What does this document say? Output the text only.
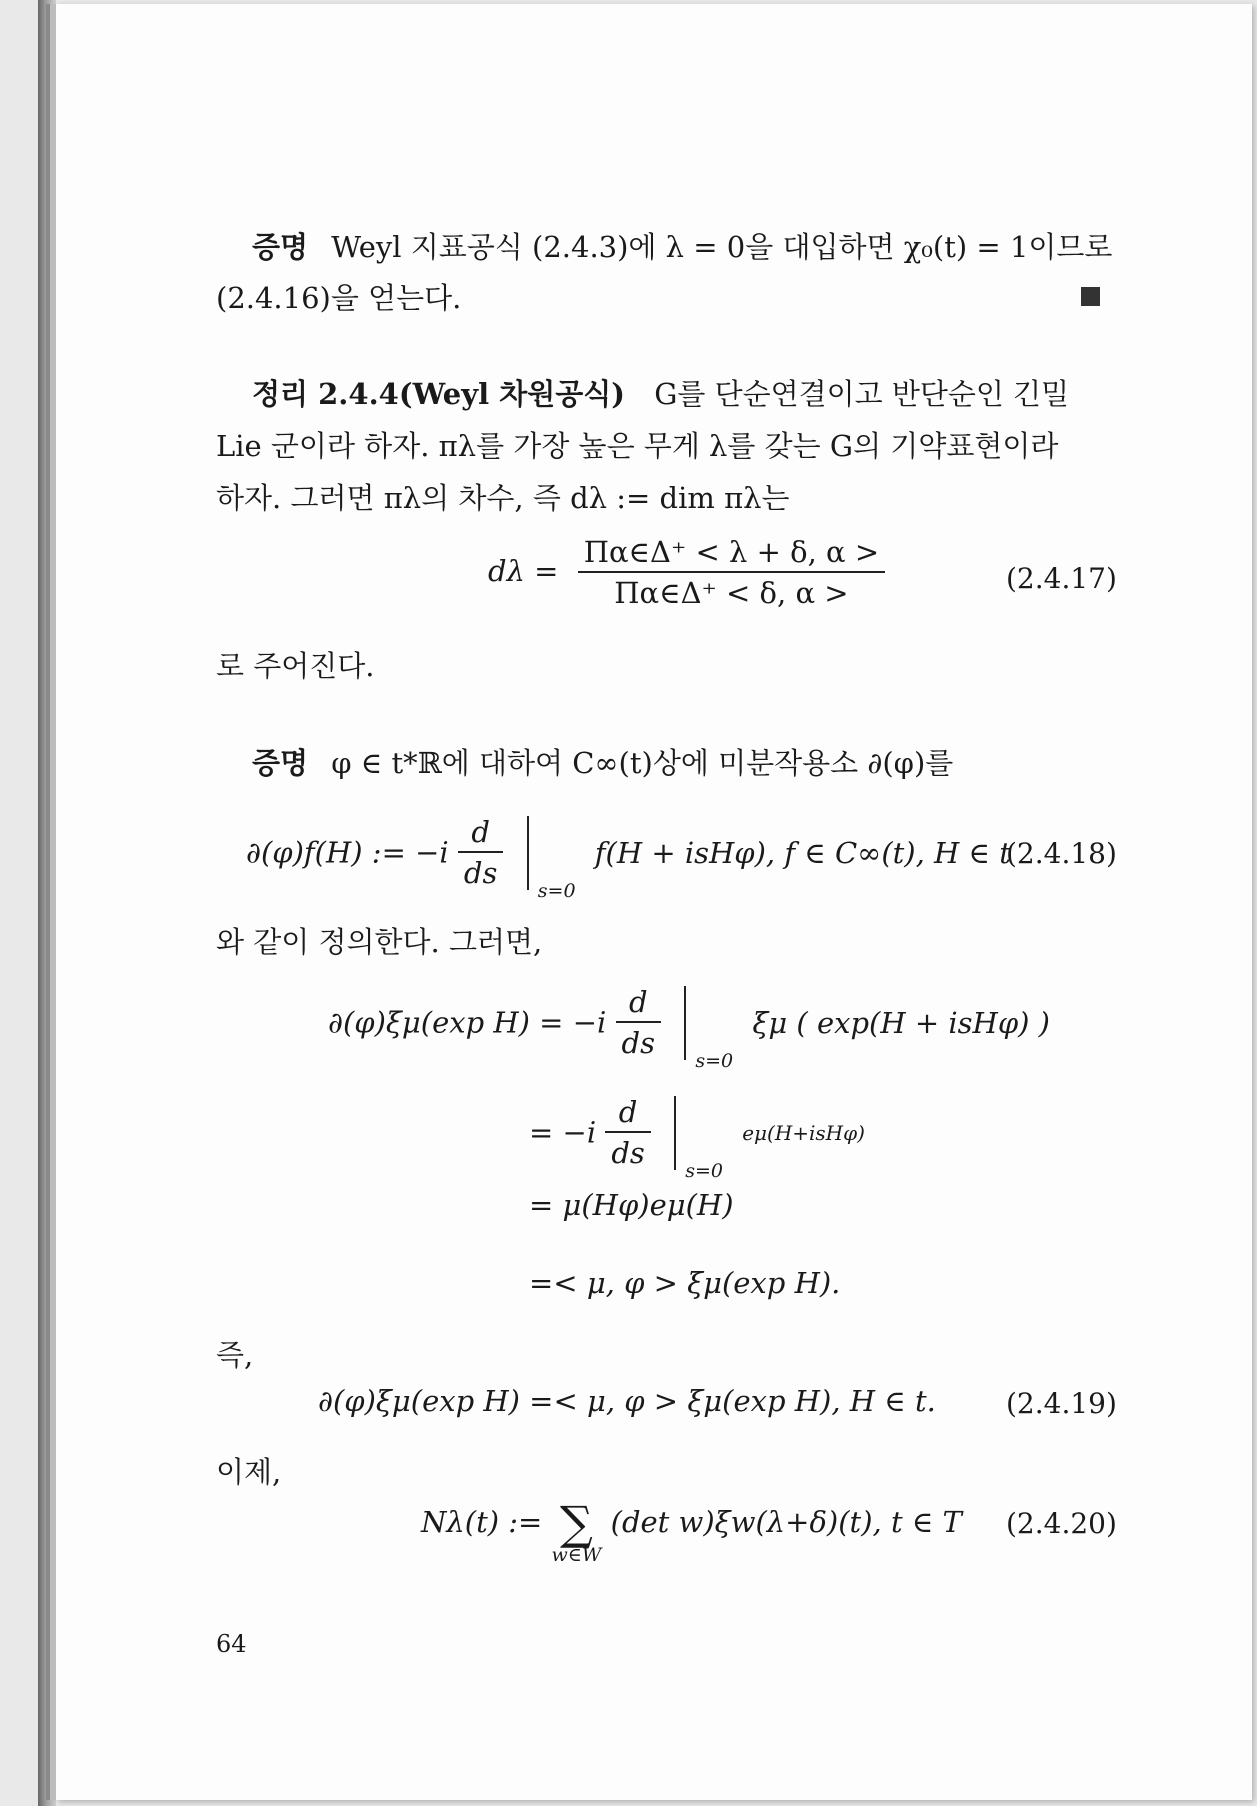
증명 Weyl 지표공식 (2.4.3)에 λ = 0을 대입하면 χ₀(t) = 1이므로
(2.4.16)을 얻는다.
정리 2.4.4(Weyl 차원공식) G를 단순연결이고 반단순인 긴밀
Lie 군이라 하자. πλ를 가장 높은 무게 λ를 갖는 G의 기약표현이라
하자. 그러면 πλ의 차수, 즉 dλ := dim πλ는
$d\lambda = \frac{\Pi\alpha\in\Delta^+ < \lambda + \delta, \alpha >}{\Pi\alpha\in\Delta^+ < \delta, \alpha >}$	(2.4.17)
로 주어진다.
증명 φ ∈ t*ℝ에 대하여 C∞(t)상에 미분작용소 ∂(φ)를
∂(φ)f(H) := $-i \frac{d}{ds}$
$_{s=0}$ f(H + isHφ), f ∈ C∞(t), H ∈ t
(2.4.18)
와 같이 정의한다. 그러면,
∂(φ)ξμ(exp $H) = -i \frac{d}{ds}$
$_{s=0}$ ξμ ( exp(H + isHφ) )
= $-i \frac{d}{ds}$
$_{s=0}$ eμ(H+isHφ)
= μ(Hφ)eμ(H)
=< μ, φ > ξμ(exp H).
즉,
∂(φ)ξμ(exp H) =< μ, φ > ξμ(exp H), H ∈ t.	(2.4.19)
이제,
Nλ(t) := ∑
w∈W
(det w)ξw(λ+δ)(t), t ∈ T (2.4.20)
64
